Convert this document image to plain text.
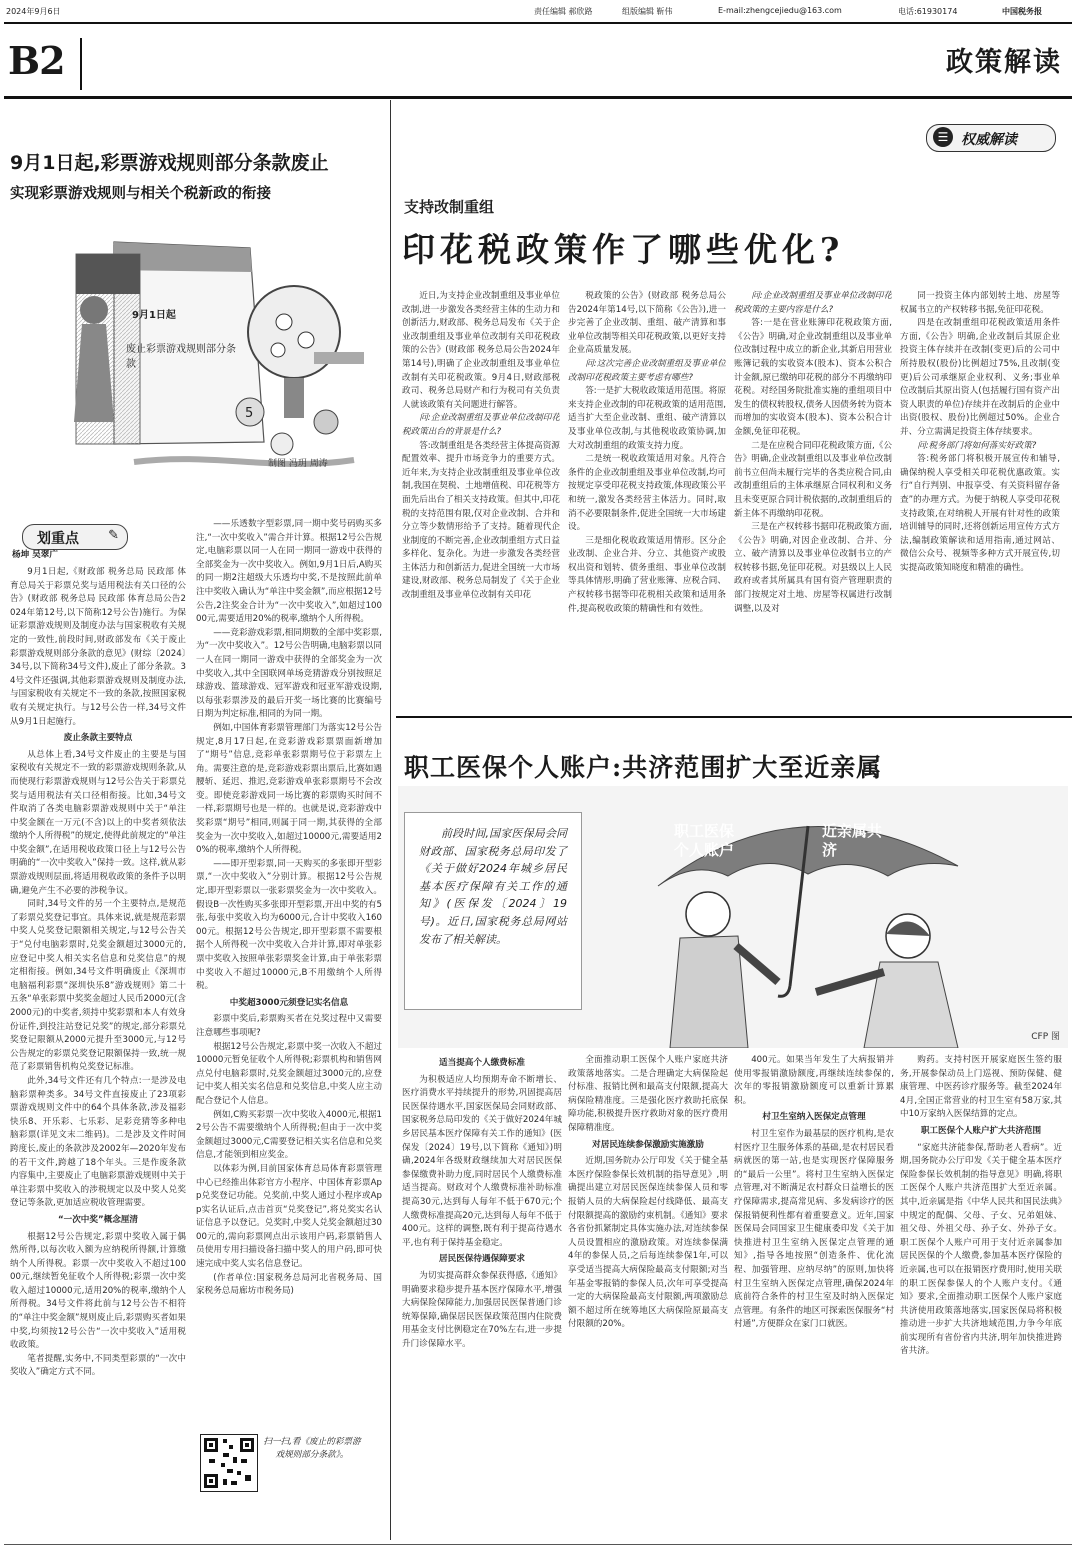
2024年9月6日	责任编辑 郝欣路	组版编辑 靳伟	E-mail:zhengcejiedu@163.com	电话:61930174	中国税务报
B2	政策解读
9月1日起,彩票游戏规则部分条款废止
实现彩票游戏规则与相关个税新政的衔接
5
彩票
9月1日起
废止彩票游戏规则部分条款
制图 冯玥 周涛
划重点 ✎
杨坤 吴翠广

9月1日起,《财政部 税务总局 民政部 体育总局关于彩票兑奖与适用税法有关口径的公告》(财政部 税务总局 民政部 体育总局公告2024年第12号,以下简称12号公告)施行。为保证彩票游戏规则及制度办法与国家税收有关规定的一致性,前段时间,财政部发布《关于废止彩票游戏规则部分条款的意见》(财综〔2024〕34号,以下简称34号文件),废止了部分条款。34号文件还强调,其他彩票游戏规则及制度办法,与国家税收有关规定不一致的条款,按照国家税收有关规定执行。与12号公告一样,34号文件从9月1日起施行。

废止条款主要特点

从总体上看,34号文件废止的主要是与国家税收有关规定不一致的彩票游戏规则条款,从而使现行彩票游戏规则与12号公告关于彩票兑奖与适用税法有关口径相衔接。比如,34号文件取消了各类电脑彩票游戏规则中关于“单注中奖金额在一万元(不含)以上的中奖者须依法缴纳个人所得税”的规定,使得此前规定的“单注中奖金额”,在适用税收政策口径上与12号公告明确的“一次中奖收入”保持一致。这样,就从彩票游戏规则层面,将适用税收政策的条件予以明确,避免产生不必要的涉税争议。

同时,34号文件的另一个主要特点,是规范了彩票兑奖登记事宜。具体来说,就是规范彩票中奖人兑奖登记限额相关规定,与12号公告关于“兑付电脑彩票时,兑奖金额超过3000元的,应登记中奖人相关实名信息和兑奖信息”的规定相衔接。例如,34号文件明确废止《深圳市电脑福利彩票“深圳快乐8”游戏规则》第二十五条“单张彩票中奖奖金超过人民币2000元(含2000元)的中奖者,须持中奖彩票和本人有效身份证件,到投注站登记兑奖”的规定,部分彩票兑奖登记限额从2000元提升至3000元,与12号公告规定的彩票兑奖登记限额保持一致,统一规范了彩票销售机构兑奖登记标准。

此外,34号文件还有几个特点:一是涉及电脑彩票种类多。34号文件直接废止了23项彩票游戏规则文件中的64个具体条款,涉及福彩快乐8、开乐彩、七乐彩、足彩竞猜等多种电脑彩票(详见文末二维码)。二是涉及文件时间跨度长,废止的条款涉及2002年—2020年发布的若干文件,跨越了18个年头。三是作废条款内容集中,主要废止了电脑彩票游戏规则中关于单注彩票中奖收入的涉税规定以及中奖人兑奖登记等条款,更加适应税收管理需要。

“一次中奖”概念厘清

根据12号公告规定,彩票中奖收入属于偶然所得,以每次收入额为应纳税所得额,计算缴纳个人所得税。彩票一次中奖收入不超过10000元,继续暂免征收个人所得税;彩票一次中奖收入超过10000元,适用20%的税率,缴纳个人所得税。34号文件将此前与12号公告不相符的“单注中奖金额”规则废止后,彩票购买者如果中奖,均须按12号公告“一次中奖收入”适用税收政策。

笔者提醒,实务中,不同类型彩票的“一次中奖收入”确定方式不同。

——乐透数字型彩票,同一期中奖号码购买多注,“一次中奖收入”需合并计算。根据12号公告规定,电脑彩票以同一人在同一期同一游戏中获得的全部奖金为一次中奖收入。例如,9月1日后,A购买的同一期2注超级大乐透均中奖,不是按照此前单注中奖收入确认为“单注中奖金额”,而应根据12号公告,2注奖金合计为“一次中奖收入”,如超过10000元,需要适用20%的税率,缴纳个人所得税。

——竞彩游戏彩票,相同期数的全部中奖彩票,为“一次中奖收入”。12号公告明确,电脑彩票以同一人在同一期同一游戏中获得的全部奖金为一次中奖收入,其中全国联网单场竞猜游戏分别按照足球游戏、篮球游戏、冠军游戏和冠亚军游戏设期,以每张彩票涉及的最后开奖一场比赛的比赛编号日期为判定标准,相同的为同一期。

例如,中国体育彩票管理部门为落实12号公告规定,8月17日起,在竞彩游戏彩票票面新增加了“期号”信息,竞彩单张彩票期号位于彩票左上角。需要注意的是,竞彩游戏彩票出票后,比赛如遇腰斩、延迟、推迟,竞彩游戏单张彩票期号不会改变。即使竞彩游戏同一场比赛的彩票购买时间不一样,彩票期号也是一样的。也就是说,竞彩游戏中奖彩票“期号”相同,则属于同一期,其获得的全部奖金为一次中奖收入,如超过10000元,需要适用20%的税率,缴纳个人所得税。

——即开型彩票,同一天购买的多张即开型彩票,“一次中奖收入”分别计算。根据12号公告规定,即开型彩票以一张彩票奖金为一次中奖收入。假设B一次性购买多张即开型彩票,开出中奖的有5张,每张中奖收入均为6000元,合计中奖收入16000元。根据12号公告规定,即开型彩票不需要根据个人所得税一次中奖收入合并计算,即对单张彩票中奖收入按照单张彩票奖金计算,由于单张彩票中奖收入不超过10000元,B不用缴纳个人所得税。

中奖超3000元须登记实名信息

彩票中奖后,彩票购买者在兑奖过程中又需要注意哪些事项呢?

根据12号公告规定,彩票中奖一次收入不超过10000元暂免征收个人所得税;彩票机构和销售网点兑付电脑彩票时,兑奖金额超过3000元的,应登记中奖人相关实名信息和兑奖信息,中奖人应主动配合登记个人信息。

例如,C购买彩票一次中奖收入4000元,根据12号公告不需要缴纳个人所得税;但由于一次中奖金额超过3000元,C需要登记相关实名信息和兑奖信息,才能领到相应奖金。

以体彩为例,目前国家体育总局体育彩票管理中心已经推出体彩官方小程序、中国体育彩票App兑奖登记功能。兑奖前,中奖人通过小程序或App实名认证后,点击首页“兑奖登记”,将兑奖实名认证信息予以登记。兑奖时,中奖人兑奖金额超过3000元的,需向彩票网点出示该用户码,彩票销售人员使用专用扫描设备扫描中奖人的用户码,即可快速完成中奖人实名信息登记。

(作者单位:国家税务总局河北省税务局、国家税务总局廊坊市税务局)

扫一扫,看《废止的彩票游戏规则部分条款》。
☰ 权威解读
支持改制重组
印花税政策作了哪些优化?

近日,为支持企业改制重组及事业单位改制,进一步激发各类经营主体的生动力和创新活力,财政部、税务总局发布《关于企业改制重组及事业单位改制有关印花税政策的公告》(财政部 税务总局公告2024年第14号),明确了企业改制重组及事业单位改制有关印花税政策。9月4日,财政部税政司、税务总局财产和行为税司有关负责人就该政策有关问题进行解答。

问:企业改制重组及事业单位改制印花税政策出台的背景是什么?

答:改制重组是各类经营主体提高资源配置效率、提升市场竞争力的重要方式。近年来,为支持企业改制重组及事业单位改制,我国在契税、土地增值税、印花税等方面先后出台了相关支持政策。但其中,印花税的支持范围有限,仅对企业改制、合并和分立等少数情形给予了支持。随着现代企业制度的不断完善,企业改制重组方式日益多样化、复杂化。为进一步激发各类经营主体活力和创新活力,促进全国统一大市场建设,财政部、税务总局制发了《关于企业改制重组及事业单位改制有关印花

税政策的公告》(财政部 税务总局公告2024年第14号,以下简称《公告》),进一步完善了企业改制、重组、破产清算和事业单位改制等相关印花税政策,以更好支持企业高质量发展。

问:这次完善企业改制重组及事业单位改制印花税政策主要考虑有哪些?

答:一是扩大税收政策适用范围。将原来支持企业改制的印花税政策的适用范围,适当扩大至企业改制、重组、破产清算以及事业单位改制,与其他税收政策协调,加大对改制重组的政策支持力度。

二是统一税收政策适用对象。凡符合条件的企业改制重组及事业单位改制,均可按规定享受印花税支持政策,体现政策公平和统一,激发各类经营主体活力。同时,取消不必要限制条件,促进全国统一大市场建设。

三是细化税收政策适用情形。区分企业改制、企业合并、分立、其他资产或股权出资和划转、债务重组、事业单位改制等具体情形,明确了营业账簿、应税合同、产权转移书据等印花税相关政策和适用条件,提高税收政策的精确性和有效性。

问:企业改制重组及事业单位改制印花税政策的主要内容是什么?

答:一是在营业账簿印花税政策方面,《公告》明确,对企业改制重组以及事业单位改制过程中成立的新企业,其新启用营业账簿记载的实收资本(股本)、资本公积合计金额,原已缴纳印花税的部分不再缴纳印花税。对经国务院批准实施的重组项目中发生的债权转股权,债务人因债务转为资本而增加的实收资本(股本)、资本公积合计金额,免征印花税。

二是在应税合同印花税政策方面,《公告》明确,企业改制重组以及事业单位改制前书立但尚未履行完毕的各类应税合同,由改制重组后的主体承继原合同权利和义务且未变更原合同计税依据的,改制重组后的新主体不再缴纳印花税。

三是在产权转移书据印花税政策方面,《公告》明确,对因企业改制、合并、分立、破产清算以及事业单位改制书立的产权转移书据,免征印花税。对县级以上人民政府或者其所属具有国有资产管理职责的部门按规定对土地、房屋等权属进行改制调整,以及对

同一投资主体内部划转土地、房屋等权属书立的产权转移书据,免征印花税。

四是在改制重组印花税政策适用条件方面,《公告》明确,企业改制后其原企业投资主体存续并在改制(变更)后的公司中所持股权(股份)比例超过75%,且改制(变更)后公司承继原企业权利、义务;事业单位改制后其原出资人(包括履行国有资产出资人职责的单位)存续并在改制后的企业中出资(股权、股份)比例超过50%。企业合并、分立需满足投资主体存续要求。

问:税务部门将如何落实好政策?

答:税务部门将积极开展宣传和辅导,确保纳税人享受相关印花税优惠政策。实行“自行判别、申报享受、有关资料留存备查”的办理方式。为便于纳税人享受印花税支持政策,在对纳税人开展有针对性的政策培训辅导的同时,还将创新运用宣传方式方法,编制政策解读和适用指南,通过网站、微信公众号、视频等多种方式开展宣传,切实提高政策知晓度和精准的确性。

职工医保个人账户:共济范围扩大至近亲属
职工医保个人账户
近亲属共济
CFP 图
前段时间,国家医保局会同财政部、国家税务总局印发了《关于做好2024年城乡居民基本医疗保障有关工作的通知》(医保发〔2024〕19号)。近日,国家税务总局网站发布了相关解读。

适当提高个人缴费标准

为积极适应人均预期寿命不断增长、医疗消费水平持续提升的形势,巩固提高居民医保待遇水平,国家医保局会同财政部、国家税务总局印发的《关于做好2024年城乡居民基本医疗保障有关工作的通知》(医保发〔2024〕19号,以下简称《通知》)明确,2024年各级财政继续加大对居民医保参保缴费补助力度,同时居民个人缴费标准适当提高。财政对个人缴费标准补助标准提高30元,达到每人每年不低于670元;个人缴费标准提高20元,达到每人每年不低于400元。这样的调整,既有利于提高待遇水平,也有利于保持基金稳定。

居民医保待遇保障要求

为切实提高群众参保获得感,《通知》明确要求稳步提升基本医疗保障水平,增强大病保险保障能力,加强居民医保普通门诊统筹保障,确保居民医保政策范围内住院费用基金支付比例稳定在70%左右,进一步提升门诊保障水平。

全面推动职工医保个人账户家庭共济政策落地落实。二是合理确定大病保险起付标准、报销比例和最高支付限额,提高大病保险精准度。三是强化医疗救助托底保障功能,积极提升医疗救助对象的医疗费用保障精准度。

对居民连续参保激励实施激励

近期,国务院办公厅印发《关于健全基本医疗保险参保长效机制的指导意见》,明确提出建立对居民医保连续参保人员和零报销人员的大病保险起付线降低、最高支付限额提高的激励约束机制。《通知》要求各省份抓紧制定具体实施办法,对连续参保人员设置相应的激励政策。对连续参保满4年的参保人员,之后每连续参保1年,可以享受适当提高大病保险最高支付限额;对当年基金零报销的参保人员,次年可享受提高一定的大病保险最高支付限额,两项激励总额不超过所在统筹地区大病保险原最高支付限额的20%。

400元。如果当年发生了大病报销并使用零报销激励额度,再继续连续参保的,次年的零报销激励额度可以重新计算累积。

村卫生室纳入医保定点管理

村卫生室作为最基层的医疗机构,是农村医疗卫生服务体系的基础,是农村居民看病就医的第一站,也是实现医疗保障服务的“最后一公里”。将村卫生室纳入医保定点管理,对不断满足农村群众日益增长的医疗保障需求,提高常见病、多发病诊疗的医保报销便利性都有着重要意义。近年,国家医保局会同国家卫生健康委印发《关于加快推进村卫生室纳入医保定点管理的通知》,指导各地按照“创造条件、优化流程、加强管理、应纳尽纳”的原则,加快将村卫生室纳入医保定点管理,确保2024年底前符合条件的村卫生室及时纳入医保定点管理。有条件的地区可探索医保服务“村村通”,方便群众在家门口就医。

购药。支持村医开展家庭医生签约服务,开展参保动员上门巡视、预防保健、健康管理、中医药诊疗服务等。截至2024年4月,全国正常营业的村卫生室有58万家,其中10万家纳入医保结算的定点。

职工医保个人账户扩大共济范围

“家庭共济能参保,帮助老人看病”。近期,国务院办公厅印发《关于健全基本医疗保险参保长效机制的指导意见》明确,将职工医保个人账户共济范围扩大至近亲属。其中,近亲属是指《中华人民共和国民法典》中规定的配偶、父母、子女、兄弟姐妹、祖父母、外祖父母、孙子女、外孙子女。职工医保个人账户可用于支付近亲属参加居民医保的个人缴费,参加基本医疗保险的近亲属,也可以在报销医疗费用时,使用关联的职工医保参保人的个人账户支付。《通知》要求,全面推动职工医保个人账户家庭共济使用政策落地落实,国家医保局将积极推动进一步扩大共济地域范围,力争今年底前实现所有省份省内共济,明年加快推进跨省共济。
